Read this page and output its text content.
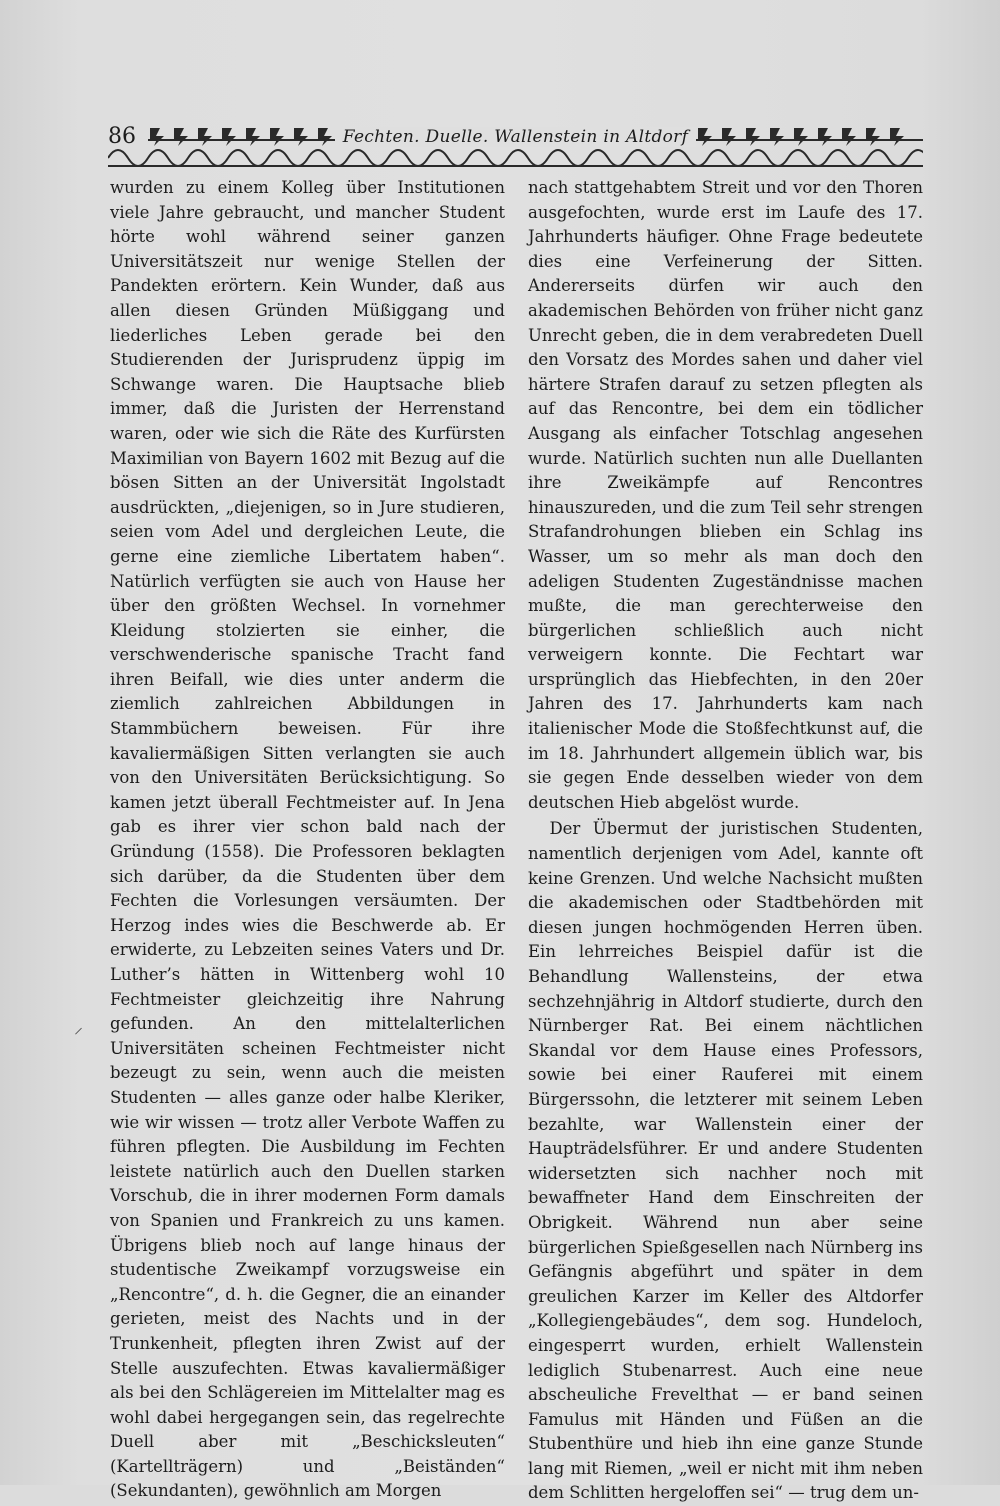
86	Fechten. Duelle. Wallenstein in Altdorf
⸝

wurden zu einem Kolleg über Institutionen viele Jahre gebraucht, und mancher Student hörte wohl während seiner ganzen Universitätszeit nur wenige Stellen der Pandekten erörtern. Kein Wunder, daß aus allen diesen Gründen Müßiggang und liederliches Leben gerade bei den Studierenden der Jurisprudenz üppig im Schwange waren. Die Hauptsache blieb immer, daß die Juristen der Herrenstand waren, oder wie sich die Räte des Kurfürsten Maximilian von Bayern 1602 mit Bezug auf die bösen Sitten an der Universität Ingolstadt ausdrückten, „diejenigen, so in Jure studieren, seien vom Adel und dergleichen Leute, die gerne eine ziemliche Libertatem haben“. Natürlich verfügten sie auch von Hause her über den größten Wechsel. In vornehmer Kleidung stolzierten sie einher, die verschwenderische spanische Tracht fand ihren Beifall, wie dies unter anderm die ziemlich zahlreichen Abbildungen in Stammbüchern beweisen. Für ihre kavaliermäßigen Sitten verlangten sie auch von den Universitäten Berücksichtigung. So kamen jetzt überall Fechtmeister auf. In Jena gab es ihrer vier schon bald nach der Gründung (1558). Die Professoren beklagten sich darüber, da die Studenten über dem Fechten die Vorlesungen versäumten. Der Herzog indes wies die Beschwerde ab. Er erwiderte, zu Lebzeiten seines Vaters und Dr. Luther’s hätten in Wittenberg wohl 10 Fechtmeister gleichzeitig ihre Nahrung gefunden. An den mittelalterlichen Universitäten scheinen Fechtmeister nicht bezeugt zu sein, wenn auch die meisten Studenten — alles ganze oder halbe Kleriker, wie wir wissen — trotz aller Verbote Waffen zu führen pflegten. Die Ausbildung im Fechten leistete natürlich auch den Duellen starken Vorschub, die in ihrer modernen Form damals von Spanien und Frankreich zu uns kamen. Übrigens blieb noch auf lange hinaus der studentische Zweikampf vorzugsweise ein „Rencontre“, d. h. die Gegner, die an einander gerieten, meist des Nachts und in der Trunkenheit, pflegten ihren Zwist auf der Stelle auszufechten. Etwas kavaliermäßiger als bei den Schlägereien im Mittelalter mag es wohl dabei hergegangen sein, das regelrechte Duell aber mit „Beschicksleuten“ (Kartellträgern) und „Beiständen“ (Sekundanten), gewöhnlich am Morgen

nach stattgehabtem Streit und vor den Thoren ausgefochten, wurde erst im Laufe des 17. Jahrhunderts häufiger. Ohne Frage bedeutete dies eine Verfeinerung der Sitten. Andererseits dürfen wir auch den akademischen Behörden von früher nicht ganz Unrecht geben, die in dem verabredeten Duell den Vorsatz des Mordes sahen und daher viel härtere Strafen darauf zu setzen pflegten als auf das Rencontre, bei dem ein tödlicher Ausgang als einfacher Totschlag angesehen wurde. Natürlich suchten nun alle Duellanten ihre Zweikämpfe auf Rencontres hinauszureden, und die zum Teil sehr strengen Strafandrohungen blieben ein Schlag ins Wasser, um so mehr als man doch den adeligen Studenten Zugeständnisse machen mußte, die man gerechterweise den bürgerlichen schließlich auch nicht verweigern konnte. Die Fechtart war ursprünglich das Hiebfechten, in den 20er Jahren des 17. Jahrhunderts kam nach italienischer Mode die Stoßfechtkunst auf, die im 18. Jahrhundert allgemein üblich war, bis sie gegen Ende desselben wieder von dem deutschen Hieb abgelöst wurde.

Der Übermut der juristischen Studenten, namentlich derjenigen vom Adel, kannte oft keine Grenzen. Und welche Nachsicht mußten die akademischen oder Stadtbehörden mit diesen jungen hochmögenden Herren üben. Ein lehrreiches Beispiel dafür ist die Behandlung Wallensteins, der etwa sechzehnjährig in Altdorf studierte, durch den Nürnberger Rat. Bei einem nächtlichen Skandal vor dem Hause eines Professors, sowie bei einer Rauferei mit einem Bürgerssohn, die letzterer mit seinem Leben bezahlte, war Wallenstein einer der Haupträdelsführer. Er und andere Studenten widersetzten sich nachher noch mit bewaffneter Hand dem Einschreiten der Obrigkeit. Während nun aber seine bürgerlichen Spießgesellen nach Nürnberg ins Gefängnis abgeführt und später in dem greulichen Karzer im Keller des Altdorfer „Kollegiengebäudes“, dem sog. Hundeloch, eingesperrt wurden, erhielt Wallenstein lediglich Stubenarrest. Auch eine neue abscheuliche Frevelthat — er band seinen Famulus mit Händen und Füßen an die Stubenthüre und hieb ihn eine ganze Stunde lang mit Riemen, „weil er nicht mit ihm neben dem Schlitten hergeloffen sei“ — trug dem un-
